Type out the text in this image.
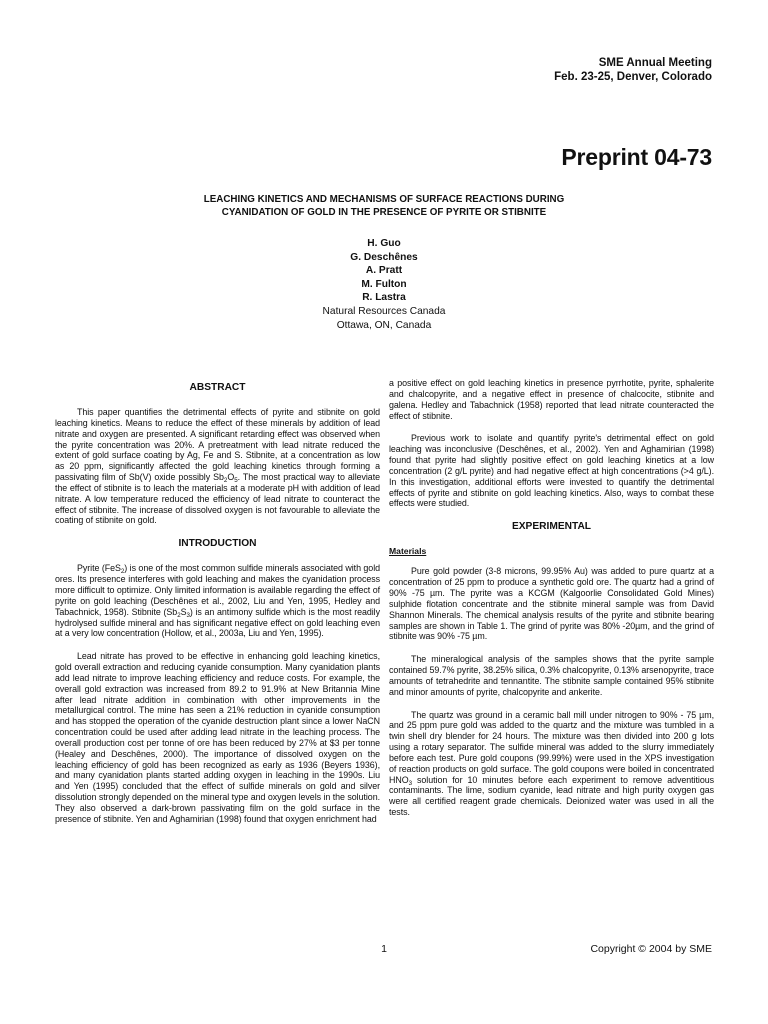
SME Annual Meeting
Feb. 23-25, Denver, Colorado
Preprint 04-73
LEACHING KINETICS AND MECHANISMS OF SURFACE REACTIONS DURING
CYANIDATION OF GOLD IN THE PRESENCE OF PYRITE OR STIBNITE
H. Guo
G. Deschênes
A. Pratt
M. Fulton
R. Lastra
Natural Resources Canada
Ottawa, ON, Canada
ABSTRACT

This paper quantifies the detrimental effects of pyrite and stibnite on gold leaching kinetics. Means to reduce the effect of these minerals by addition of lead nitrate and oxygen are presented. A significant retarding effect was observed when the pyrite concentration was 20%. A pretreatment with lead nitrate reduced the extent of gold surface coating by Ag, Fe and S. Stibnite, at a concentration as low as 20 ppm, significantly affected the gold leaching kinetics through forming a passivating film of Sb(V) oxide possibly $Sb_2O_5$. The most practical way to alleviate the effect of stibnite is to leach the materials at a moderate pH with addition of lead nitrate. A low temperature reduced the efficiency of lead nitrate to counteract the effect of stibnite. The increase of dissolved oxygen is not favourable to alleviate the coating of stibnite on gold.

INTRODUCTION

Pyrite (FeS$_2$) is one of the most common sulfide minerals associated with gold ores. Its presence interferes with gold leaching and makes the cyanidation process more difficult to optimize. Only limited information is available regarding the effect of pyrite on gold leaching (Deschênes et al., 2002, Liu and Yen, 1995, Hedley and Tabachnick, 1958). Stibnite $(Sb_2S_3)$ is an antimony sulfide which is the most readily hydrolysed sulfide mineral and has significant negative effect on gold leaching even at a very low concentration (Hollow, et al., 2003a, Liu and Yen, 1995).

Lead nitrate has proved to be effective in enhancing gold leaching kinetics, gold overall extraction and reducing cyanide consumption. Many cyanidation plants add lead nitrate to improve leaching efficiency and reduce costs. For example, the overall gold extraction was increased from 89.2 to 91.9% at New Britannia Mine after lead nitrate addition in combination with other improvements in the metallurgical control. The mine has seen a 21% reduction in cyanide consumption and has stopped the operation of the cyanide destruction plant since a lower NaCN concentration could be used after adding lead nitrate in the leaching process. The overall production cost per tonne of ore has been reduced by 27% at $3 per tonne (Healey and Deschênes, 2000). The importance of dissolved oxygen on the leaching efficiency of gold has been recognized as early as 1936 (Beyers 1936), and many cyanidation plants started adding oxygen in leaching in the 1990s. Liu and Yen (1995) concluded that the effect of sulfide minerals on gold and silver dissolution strongly depended on the mineral type and oxygen levels in the solution. They also observed a dark-brown passivating film on the gold surface in the presence of stibnite. Yen and Aghamirian (1998) found that oxygen enrichment had

a positive effect on gold leaching kinetics in presence pyrrhotite, pyrite, sphalerite and chalcopyrite, and a negative effect in presence of chalcocite, stibnite and galena. Hedley and Tabachnick (1958) reported that lead nitrate counteracted the effect of stibnite.

Previous work to isolate and quantify pyrite's detrimental effect on gold leaching was inconclusive (Deschênes, et al., 2002). Yen and Aghamirian (1998) found that pyrite had slightly positive effect on gold leaching kinetics at a low concentration (2 g/L pyrite) and had negative effect at high concentrations (>4 g/L). In this investigation, additional efforts were invested to quantify the detrimental effects of pyrite and stibnite on gold leaching kinetics. Also, ways to combat these effects were studied.

EXPERIMENTAL
Materials

Pure gold powder (3-8 microns, 99.95% Au) was added to pure quartz at a concentration of 25 ppm to produce a synthetic gold ore. The quartz had a grind of 90% -75 µm. The pyrite was a KCGM (Kalgoorlie Consolidated Gold Mines) sulphide flotation concentrate and the stibnite mineral sample was from David Shannon Minerals. The chemical analysis results of the pyrite and stibnite bearing samples are shown in Table 1. The grind of pyrite was 80% -20µm, and the grind of stibnite was 90% -75 µm.

The mineralogical analysis of the samples shows that the pyrite sample contained 59.7% pyrite, 38.25% silica, 0.3% chalcopyrite, 0.13% arsenopyrite, trace amounts of tetrahedrite and tennantite. The stibnite sample contained 95% stibnite and minor amounts of pyrite, chalcopyrite and ankerite.

The quartz was ground in a ceramic ball mill under nitrogen to 90% - 75 µm, and 25 ppm pure gold was added to the quartz and the mixture was tumbled in a twin shell dry blender for 24 hours. The mixture was then divided into 200 g lots using a rotary separator. The sulfide mineral was added to the slurry immediately before each test. Pure gold coupons (99.99%) were used in the XPS investigation of reaction products on gold surface. The gold coupons were boiled in concentrated $HNO_3$ solution for 10 minutes before each experiment to remove adventitious contaminants. The lime, sodium cyanide, lead nitrate and high purity oxygen gas were all certified reagent grade chemicals. Deionized water was used in all the tests.

1	Copyright © 2004 by SME
